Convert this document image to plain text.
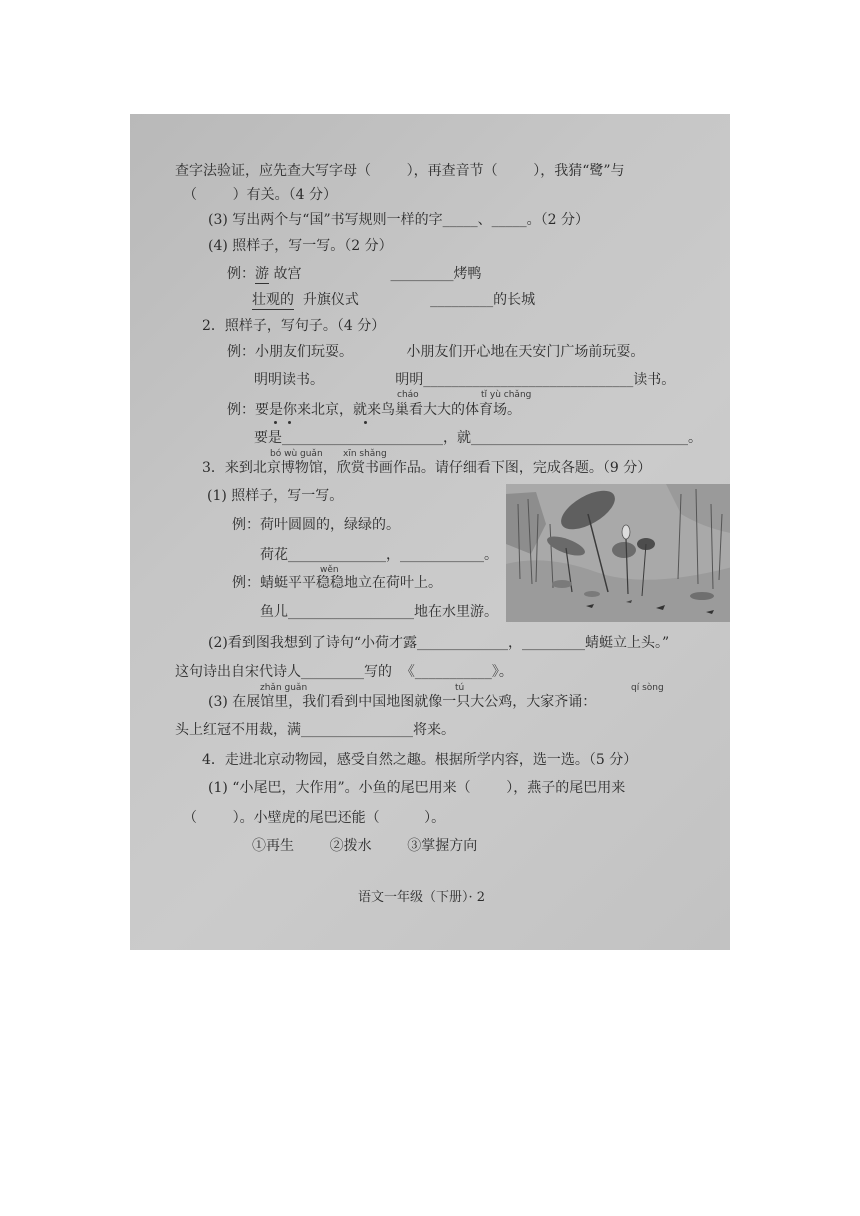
查字法验证，应先查大写字母（	），再查音节（	），我猜“鹭”与
（	）有关。（4 分）
(3) 写出两个与“国”书写规则一样的字_____、_____。（2 分）
(4) 照样子，写一写。（2 分）
例：游 故宫	_________烤鸭
壮观的  升旗仪式	_________的长城
2．照样子，写句子。（4 分）
例：小朋友们玩耍。	小朋友们开心地在天安门广场前玩耍。
明明读书。	明明______________________________读书。
cháo	tǐ yù chǎng
例：要是你来北京，就来鸟巢看大大的体育场。
要是_______________________，就_______________________________。
bó wù guǎn xīn shǎng
3．来到北京博物馆，欣赏书画作品。请仔细看下图，完成各题。（9 分）
(1) 照样子，写一写。
例：荷叶圆圆的，绿绿的。
荷花______________，____________。
wěn
例：蜻蜓平平稳稳地立在荷叶上。
鱼儿__________________地在水里游。
(2)看到图我想到了诗句“小荷才露_____________，_________蜻蜓立上头。”
这句诗出自宋代诗人_________写的  《___________》。
zhǎn guǎn	tú	qí sòng
(3) 在展馆里，我们看到中国地图就像一只大公鸡，大家齐诵：
头上红冠不用裁，满________________将来。
4．走进北京动物园，感受自然之趣。根据所学内容，选一选。（5 分）
(1) “小尾巴，大作用”。小鱼的尾巴用来（	），燕子的尾巴用来
（	）。小壁虎的尾巴还能（	）。
①再生	②拨水	③掌握方向
语文一年级（下册）· 2
